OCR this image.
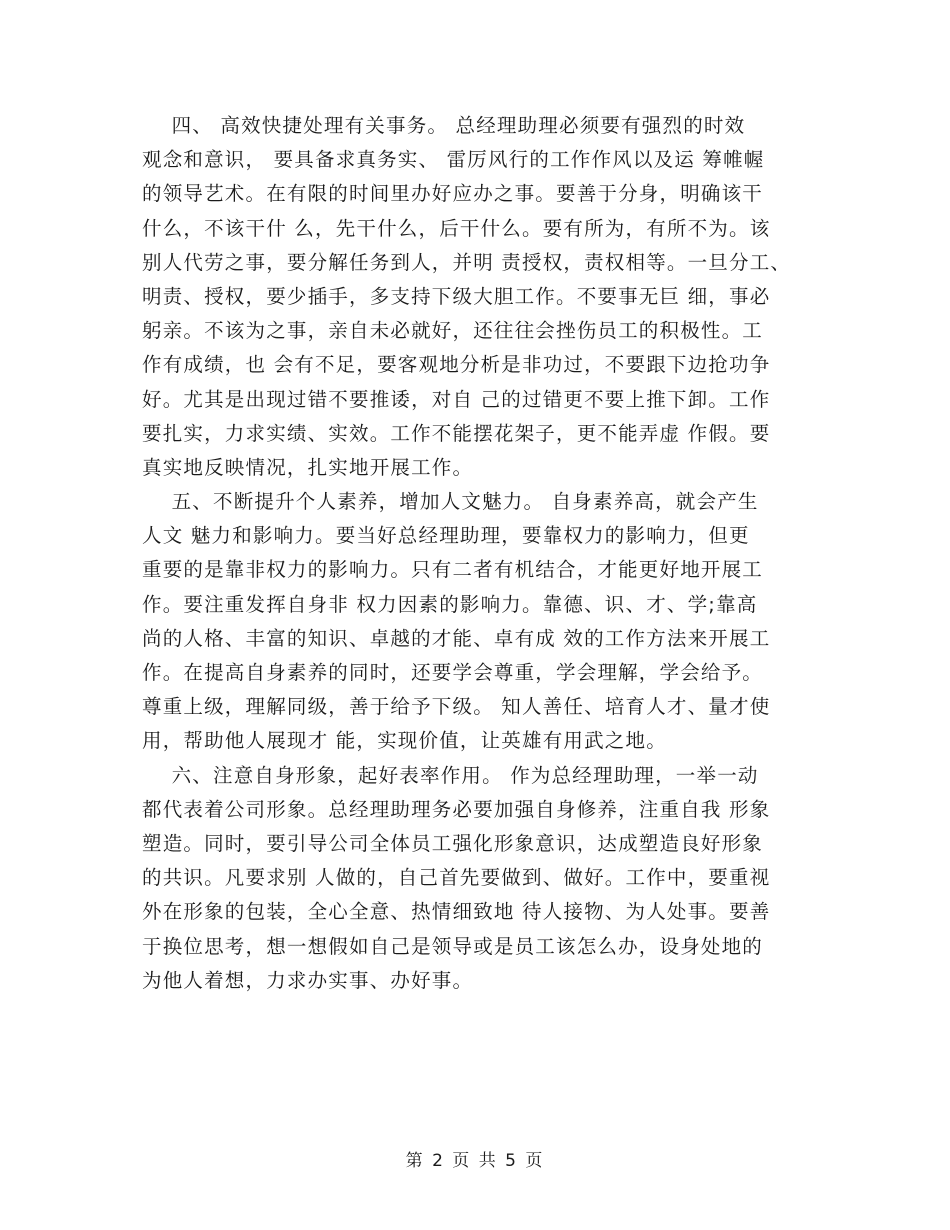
四、 高效快捷处理有关事务。 总经理助理必须要有强烈的时效
观念和意识， 要具备求真务实、 雷厉风行的工作作风以及运 筹帷幄
的领导艺术。在有限的时间里办好应办之事。要善于分身，明确该干
什么，不该干什 么，先干什么，后干什么。要有所为，有所不为。该
别人代劳之事，要分解任务到人，并明 责授权，责权相等。一旦分工、
明责、授权，要少插手，多支持下级大胆工作。不要事无巨 细，事必
躬亲。不该为之事，亲自未必就好，还往往会挫伤员工的积极性。工
作有成绩，也 会有不足，要客观地分析是非功过，不要跟下边抢功争
好。尤其是出现过错不要推诿，对自 己的过错更不要上推下卸。工作
要扎实，力求实绩、实效。工作不能摆花架子，更不能弄虚 作假。要
真实地反映情况，扎实地开展工作。
五、不断提升个人素养，增加人文魅力。 自身素养高，就会产生
人文 魅力和影响力。要当好总经理助理，要靠权力的影响力，但更
重要的是靠非权力的影响力。只有二者有机结合，才能更好地开展工
作。要注重发挥自身非 权力因素的影响力。靠德、识、才、学;靠高
尚的人格、丰富的知识、卓越的才能、卓有成 效的工作方法来开展工
作。在提高自身素养的同时，还要学会尊重，学会理解，学会给予。
尊重上级，理解同级，善于给予下级。 知人善任、培育人才、量才使
用，帮助他人展现才 能，实现价值，让英雄有用武之地。
六、注意自身形象，起好表率作用。 作为总经理助理，一举一动
都代表着公司形象。总经理助理务必要加强自身修养，注重自我 形象
塑造。同时，要引导公司全体员工强化形象意识，达成塑造良好形象
的共识。凡要求别 人做的，自己首先要做到、做好。工作中，要重视
外在形象的包装，全心全意、热情细致地 待人接物、为人处事。要善
于换位思考，想一想假如自己是领导或是员工该怎么办，设身处地的
为他人着想，力求办实事、办好事。
第 2 页 共 5 页
